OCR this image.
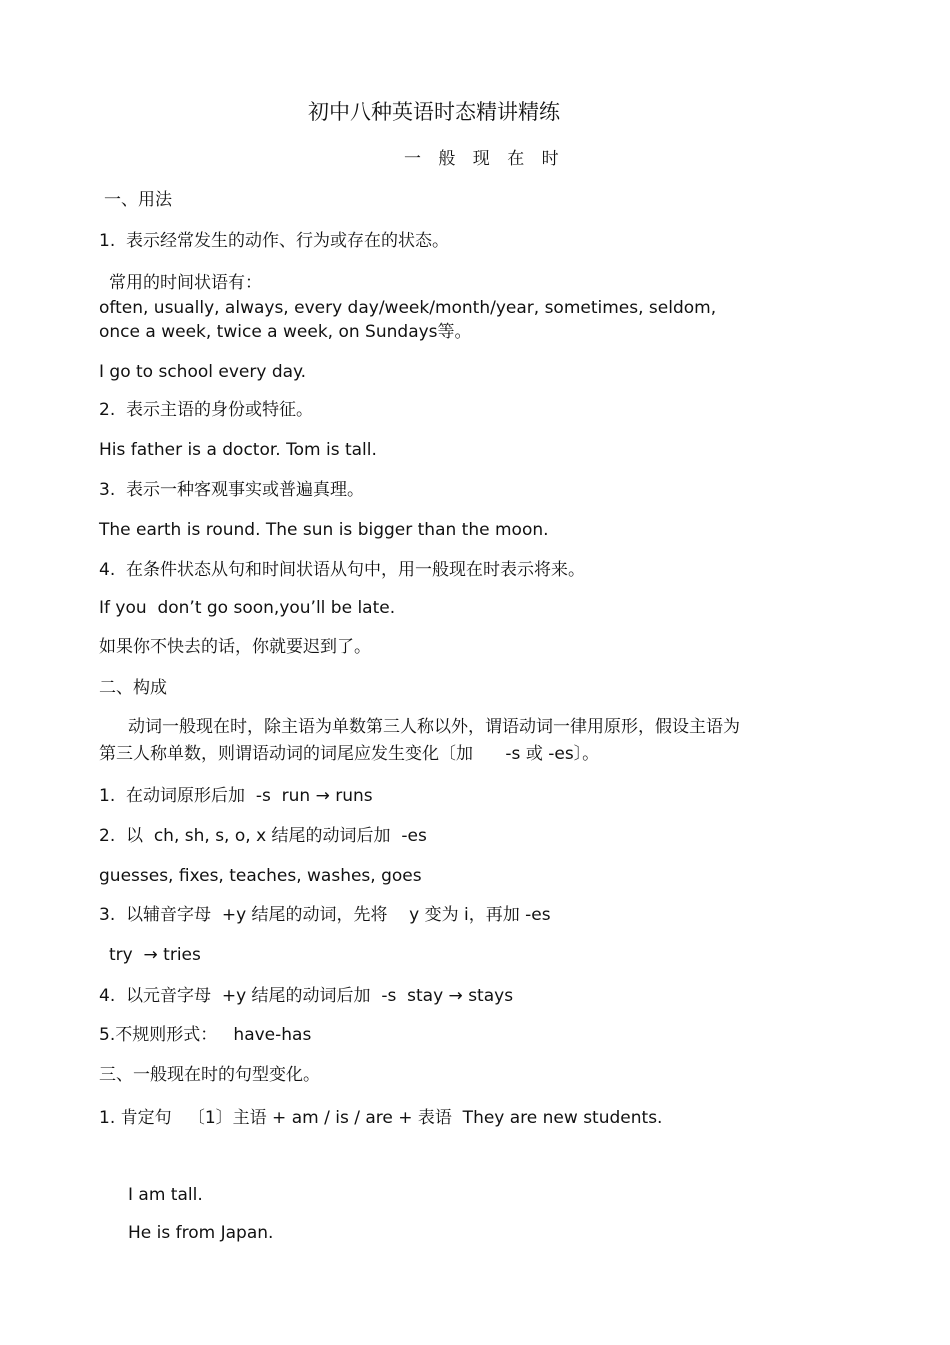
初中八种英语时态精讲精练
一 般 现 在 时
一、用法
1.  表示经常发生的动作、行为或存在的状态。
常用的时间状语有：
often, usually, always, every day/week/month/year, sometimes, seldom,
once a week, twice a week, on Sundays等。
I go to school every day.
2.  表示主语的身份或特征。
His father is a doctor. Tom is tall.
3.  表示一种客观事实或普遍真理。
The earth is round. The sun is bigger than the moon.
4.  在条件状态从句和时间状语从句中，用一般现在时表示将来。
If you  don’t go soon,you’ll be late.
如果你不快去的话，你就要迟到了。
二、构成
动词一般现在时，除主语为单数第三人称以外，谓语动词一律用原形，假设主语为
第三人称单数，则谓语动词的词尾应发生变化〔加      -s 或 -es〕。
1.  在动词原形后加  -s  run → runs
2.  以  ch, sh, s, o, x 结尾的动词后加  -es
guesses, fixes, teaches, washes, goes
3.  以辅音字母  +y 结尾的动词，先将    y 变为 i，再加 -es
try  → tries
4.  以元音字母  +y 结尾的动词后加  -s  stay → stays
5.不规则形式：   have-has
三、一般现在时的句型变化。
1. 肯定句   〔1〕主语 + am / is / are + 表语  They are new students.
I am tall.
He is from Japan.
